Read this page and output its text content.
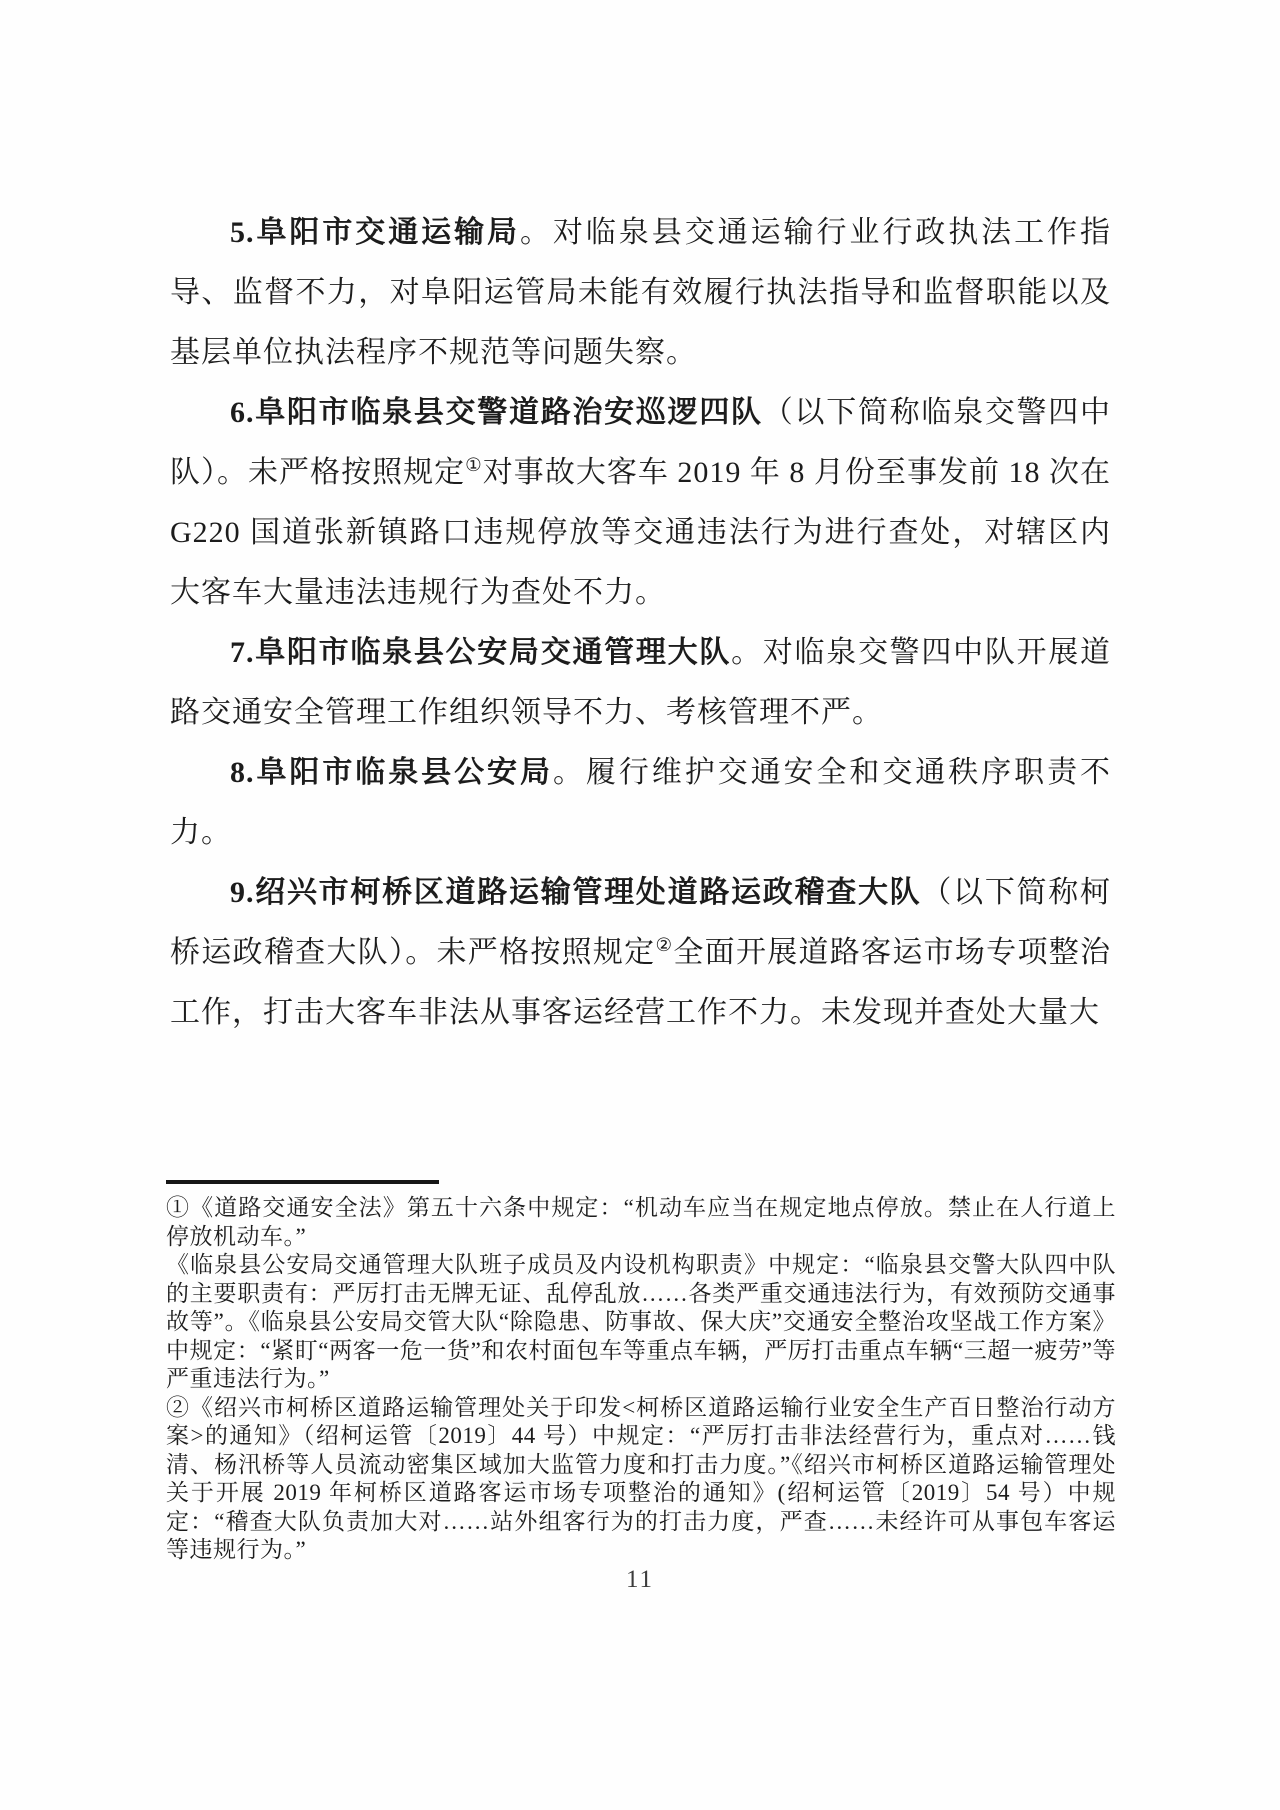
5.阜阳市交通运输局。对临泉县交通运输行业行政执法工作指导、监督不力，对阜阳运管局未能有效履行执法指导和监督职能以及基层单位执法程序不规范等问题失察。

6.阜阳市临泉县交警道路治安巡逻四队（以下简称临泉交警四中队）。未严格按照规定①对事故大客车 2019 年 8 月份至事发前 18 次在 G220 国道张新镇路口违规停放等交通违法行为进行查处，对辖区内大客车大量违法违规行为查处不力。

7.阜阳市临泉县公安局交通管理大队。对临泉交警四中队开展道路交通安全管理工作组织领导不力、考核管理不严。

8.阜阳市临泉县公安局。履行维护交通安全和交通秩序职责不力。

9.绍兴市柯桥区道路运输管理处道路运政稽查大队（以下简称柯桥运政稽查大队）。未严格按照规定②全面开展道路客运市场专项整治工作，打击大客车非法从事客运经营工作不力。未发现并查处大量大

①《道路交通安全法》第五十六条中规定：“机动车应当在规定地点停放。禁止在人行道上停放机动车。”

《临泉县公安局交通管理大队班子成员及内设机构职责》中规定：“临泉县交警大队四中队的主要职责有：严厉打击无牌无证、乱停乱放……各类严重交通违法行为，有效预防交通事故等”。《临泉县公安局交管大队“除隐患、防事故、保大庆”交通安全整治攻坚战工作方案》中规定：“紧盯“两客一危一货”和农村面包车等重点车辆，严厉打击重点车辆“三超一疲劳”等严重违法行为。”

②《绍兴市柯桥区道路运输管理处关于印发<柯桥区道路运输行业安全生产百日整治行动方案>的通知》（绍柯运管〔2019〕44 号）中规定：“严厉打击非法经营行为，重点对……钱清、杨汛桥等人员流动密集区域加大监管力度和打击力度。”《绍兴市柯桥区道路运输管理处关于开展 2019 年柯桥区道路客运市场专项整治的通知》(绍柯运管〔2019〕54 号）中规定：“稽查大队负责加大对……站外组客行为的打击力度，严查……未经许可从事包车客运等违规行为。”

11
